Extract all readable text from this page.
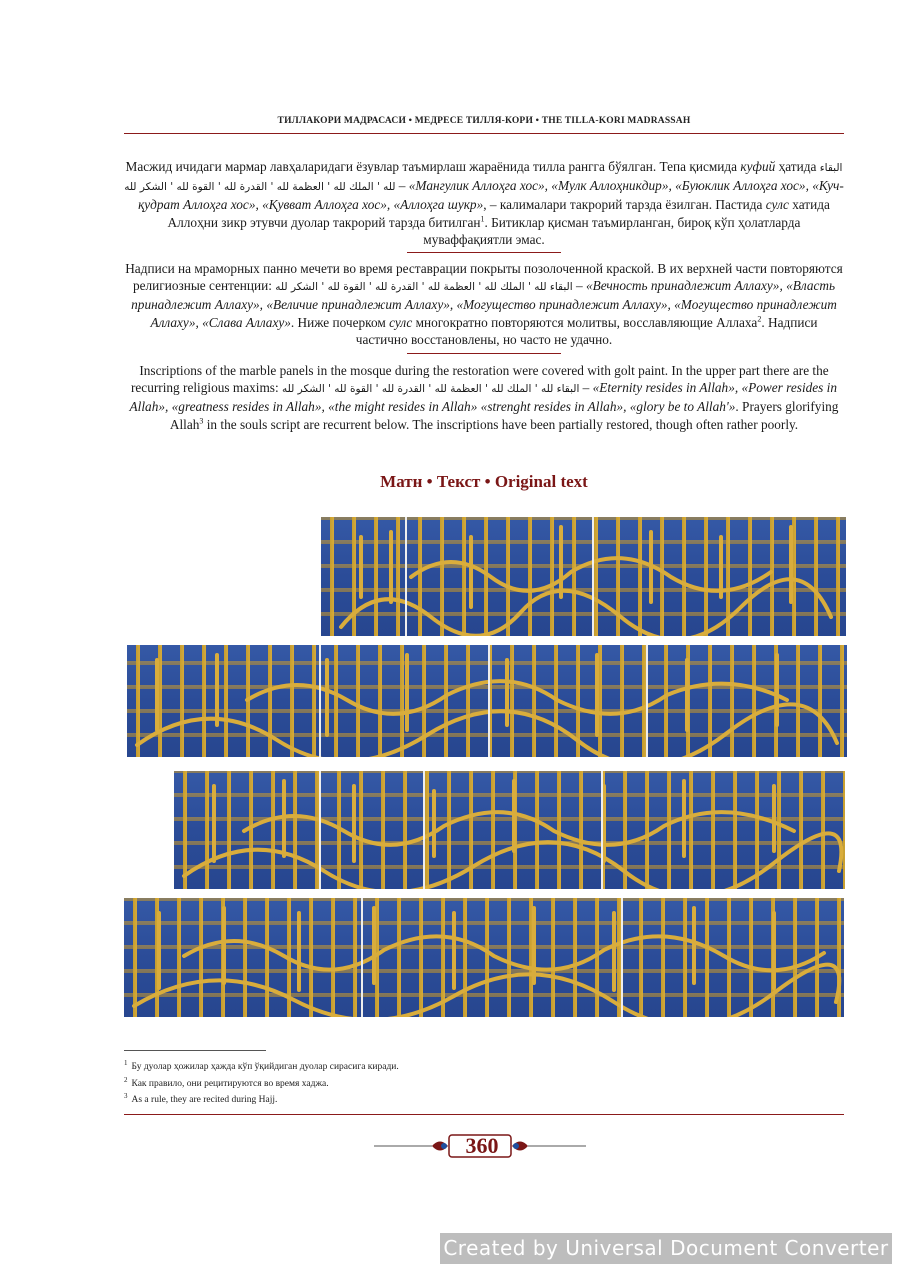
ТИЛЛАКОРИ МАДРАСАСИ • МЕДРЕСЕ ТИЛЛЯ-КОРИ • THE TILLA-KORI MADRASSAH
Масжид ичидаги мармар лавҳаларидаги ёзувлар таъмирлаш жараёнида тилла рангга бўялган. Тепа қисмида куфий ҳатида البقاء لله ' الملك لله ' العظمة لله ' القدرة لله ' القوة لله ' الشكر لله – «Мангулик Аллоҳга хос», «Мулк Аллоҳникдир», «Буюклик Аллоҳга хос», «Куч-қудрат Аллоҳга хос», «Қувват Аллоҳга хос», «Аллоҳга шукр», – калималари такрорий тарзда ёзилган. Пастида сулс хатида Аллоҳни зикр этувчи дуолар такрорий тарзда битилган$^1$. Битиклар қисман таъмирланган, бироқ кўп ҳолатларда муваффақиятли эмас.
Надписи на мраморных панно мечети во время реставрации покрыты позолоченной краской. В их верхней части повторяются религиозные сентенции: البقاء لله ' الملك لله ' العظمة لله ' القدرة لله ' القوة لله ' الشكر لله – «Вечность принадлежит Аллаху», «Власть принадлежит Аллаху», «Величие принадлежит Аллаху», «Могущество принадлежит Аллаху», «Могущество принадлежит Аллаху», «Слава Аллаху». Ниже почерком сулс многократно повторяются молитвы, восславляющие Аллаха$^2$. Надписи частично восстановлены, но часто не удачно.
Inscriptions of the marble panels in the mosque during the restoration were covered with golt paint. In the upper part there are the recurring religious maxims: البقاء لله ' الملك لله ' العظمة لله ' القدرة لله ' القوة لله ' الشكر لله – «Eternity resides in Allah», «Power resides in Allah», «greatness resides in Allah», «the might resides in Allah» «strenght resides in Allah», «glory be to Allah'». Prayers glorifying Allah$^3$ in the souls script are recurrent below. The inscriptions have been partially restored, though often rather poorly.
Матн • Текст • Original text
$^1$ Бу дуолар ҳожилар ҳажда кўп ўқийдиган дуолар сирасига киради.
$^2$ Как правило, они рецитируются во время хаджа.
$^3$ As a rule, they are recited during Hajj.
360
Created by Universal Document Converter
